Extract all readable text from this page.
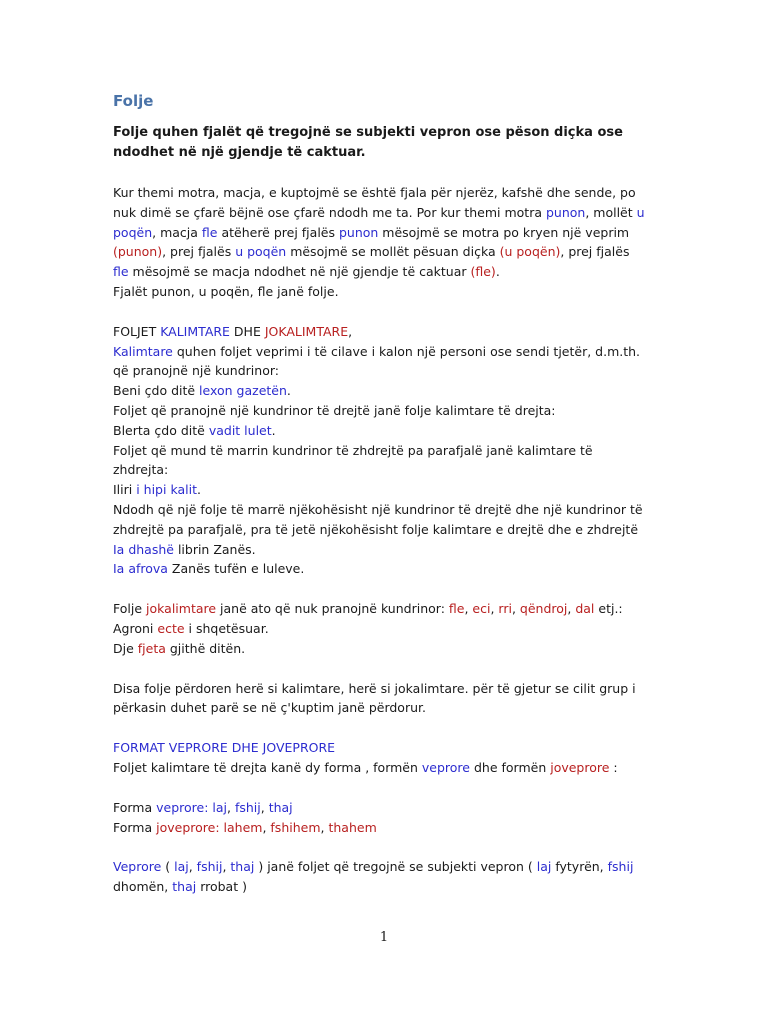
Folje

Folje quhen fjalët që tregojnë se subjekti vepron ose pëson diçka ose
ndodhet në një gjendje të caktuar.

Kur themi motra, macja, e kuptojmë se është fjala për njerëz, kafshë dhe sende, po
nuk dimë se çfarë bëjnë ose çfarë ndodh me ta. Por kur themi motra punon, mollët u
poqën, macja fle atëherë prej fjalës punon mësojmë se motra po kryen një veprim
(punon), prej fjalës u poqën mësojmë se mollët pësuan diçka (u poqën), prej fjalës
fle mësojmë se macja ndodhet në një gjendje të caktuar (fle).
Fjalët punon, u poqën, fle janë folje.

FOLJET KALIMTARE DHE JOKALIMTARE,
Kalimtare quhen foljet veprimi i të cilave i kalon një personi ose sendi tjetër, d.m.th.
që pranojnë një kundrinor:
Beni çdo ditë lexon gazetën.
Foljet që pranojnë një kundrinor të drejtë janë folje kalimtare të drejta:
Blerta çdo ditë vadit lulet.
Foljet që mund të marrin kundrinor të zhdrejtë pa parafjalë janë kalimtare të
zhdrejta:
Iliri i hipi kalit.
Ndodh që një folje të marrë njëkohësisht një kundrinor të drejtë dhe një kundrinor të
zhdrejtë pa parafjalë, pra të jetë njëkohësisht folje kalimtare e drejtë dhe e zhdrejtë
Ia dhashë librin Zanës.
Ia afrova Zanës tufën e luleve.

Folje jokalimtare janë ato që nuk pranojnë kundrinor: fle, eci, rri, qëndroj, dal etj.:
Agroni ecte i shqetësuar.
Dje fjeta gjithë ditën.

Disa folje përdoren herë si kalimtare, herë si jokalimtare. për të gjetur se cilit grup i
përkasin duhet parë se në ç'kuptim janë përdorur.

FORMAT VEPRORE DHE JOVEPRORE
Foljet kalimtare të drejta kanë dy forma , formën veprore dhe formën joveprore :

Forma veprore: laj, fshij, thaj
Forma joveprore: lahem, fshihem, thahem

Veprore ( laj, fshij, thaj ) janë foljet që tregojnë se subjekti vepron ( laj fytyrën, fshij
dhomën, thaj rrobat )

1
